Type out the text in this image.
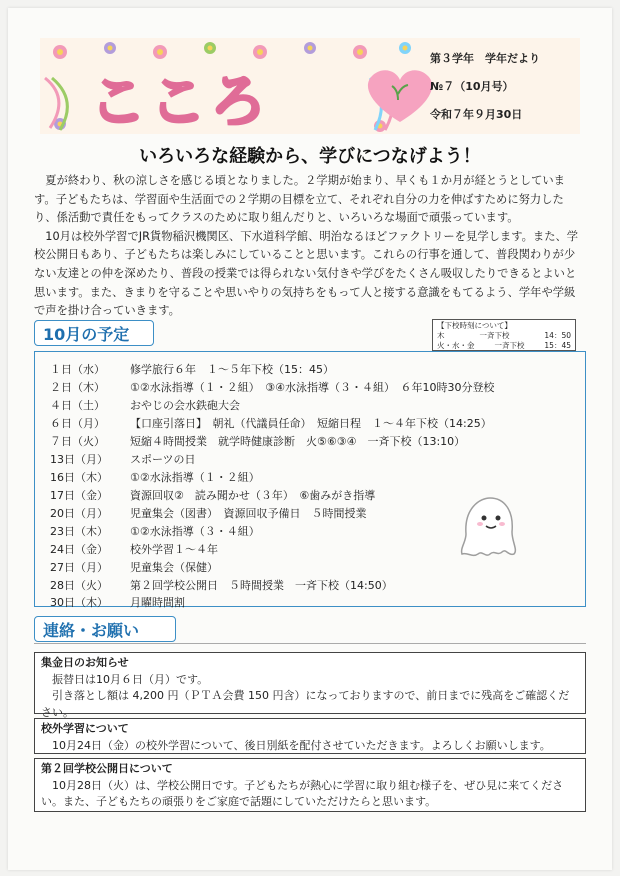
こころ
第３学年　学年だより
№７（10月号）
令和７年９月30日
いろいろな経験から、学びにつなげよう！

夏が終わり、秋の涼しさを感じる頃となりました。２学期が始まり、早くも１か月が経とうとしています。子どもたちは、学習面や生活面での２学期の目標を立て、それぞれ自分の力を伸ばすために努力したり、係活動で責任をもってクラスのために取り組んだりと、いろいろな場面で頑張っています。

10月は校外学習でJR貨物稲沢機関区、下水道科学館、明治なるほどファクトリーを見学します。また、学校公開日もあり、子どもたちは楽しみにしていることと思います。これらの行事を通して、普段関わりが少ない友達との仲を深めたり、普段の授業では得られない気付きや学びをたくさん吸収したりできるとよいと思います。また、きまりを守ることや思いやりの気持ちをもって人と接する意識をもてるよう、学年や学級で声を掛け合っていきます。

【下校時刻について】
木	一斉下校	14：50
火・水・金	一斉下校	15：45
10月の予定
１日（水）	修学旅行６年　１～５年下校（15：45）
２日（木）	①②水泳指導（１・２組）　③④水泳指導（３・４組）　６年10時30分登校
４日（土）	おやじの会水鉄砲大会
６日（月）	【口座引落日】　朝礼（代議員任命）　短縮日程　１～４年下校（14:25）
７日（火）	短縮４時間授業　就学時健康診断　火⑤⑥③④　一斉下校（13:10）
13日（月）	スポーツの日
16日（木）	①②水泳指導（１・２組）
17日（金）	資源回収②　読み聞かせ（３年）　⑥歯みがき指導
20日（月）	児童集会（図書）　資源回収予備日　５時間授業
23日（木）	①②水泳指導（３・４組）
24日（金）	校外学習１～４年
27日（月）	児童集会（保健）
28日（火）	第２回学校公開日　５時間授業　一斉下校（14:50）
30日（木）	月曜時間割
連絡・お願い
集金日のお知らせ

振替日は10月６日（月）です。

引き落とし額は 4,200 円（ＰＴＡ会費 150 円含）になっておりますので、前日までに残高をご確認ください。

校外学習について

10月24日（金）の校外学習について、後日別紙を配付させていただきます。よろしくお願いします。

第２回学校公開日について

10月28日（火）は、学校公開日です。子どもたちが熱心に学習に取り組む様子を、ぜひ見に来てください。また、子どもたちの頑張りをご家庭で話題にしていただけたらと思います。
